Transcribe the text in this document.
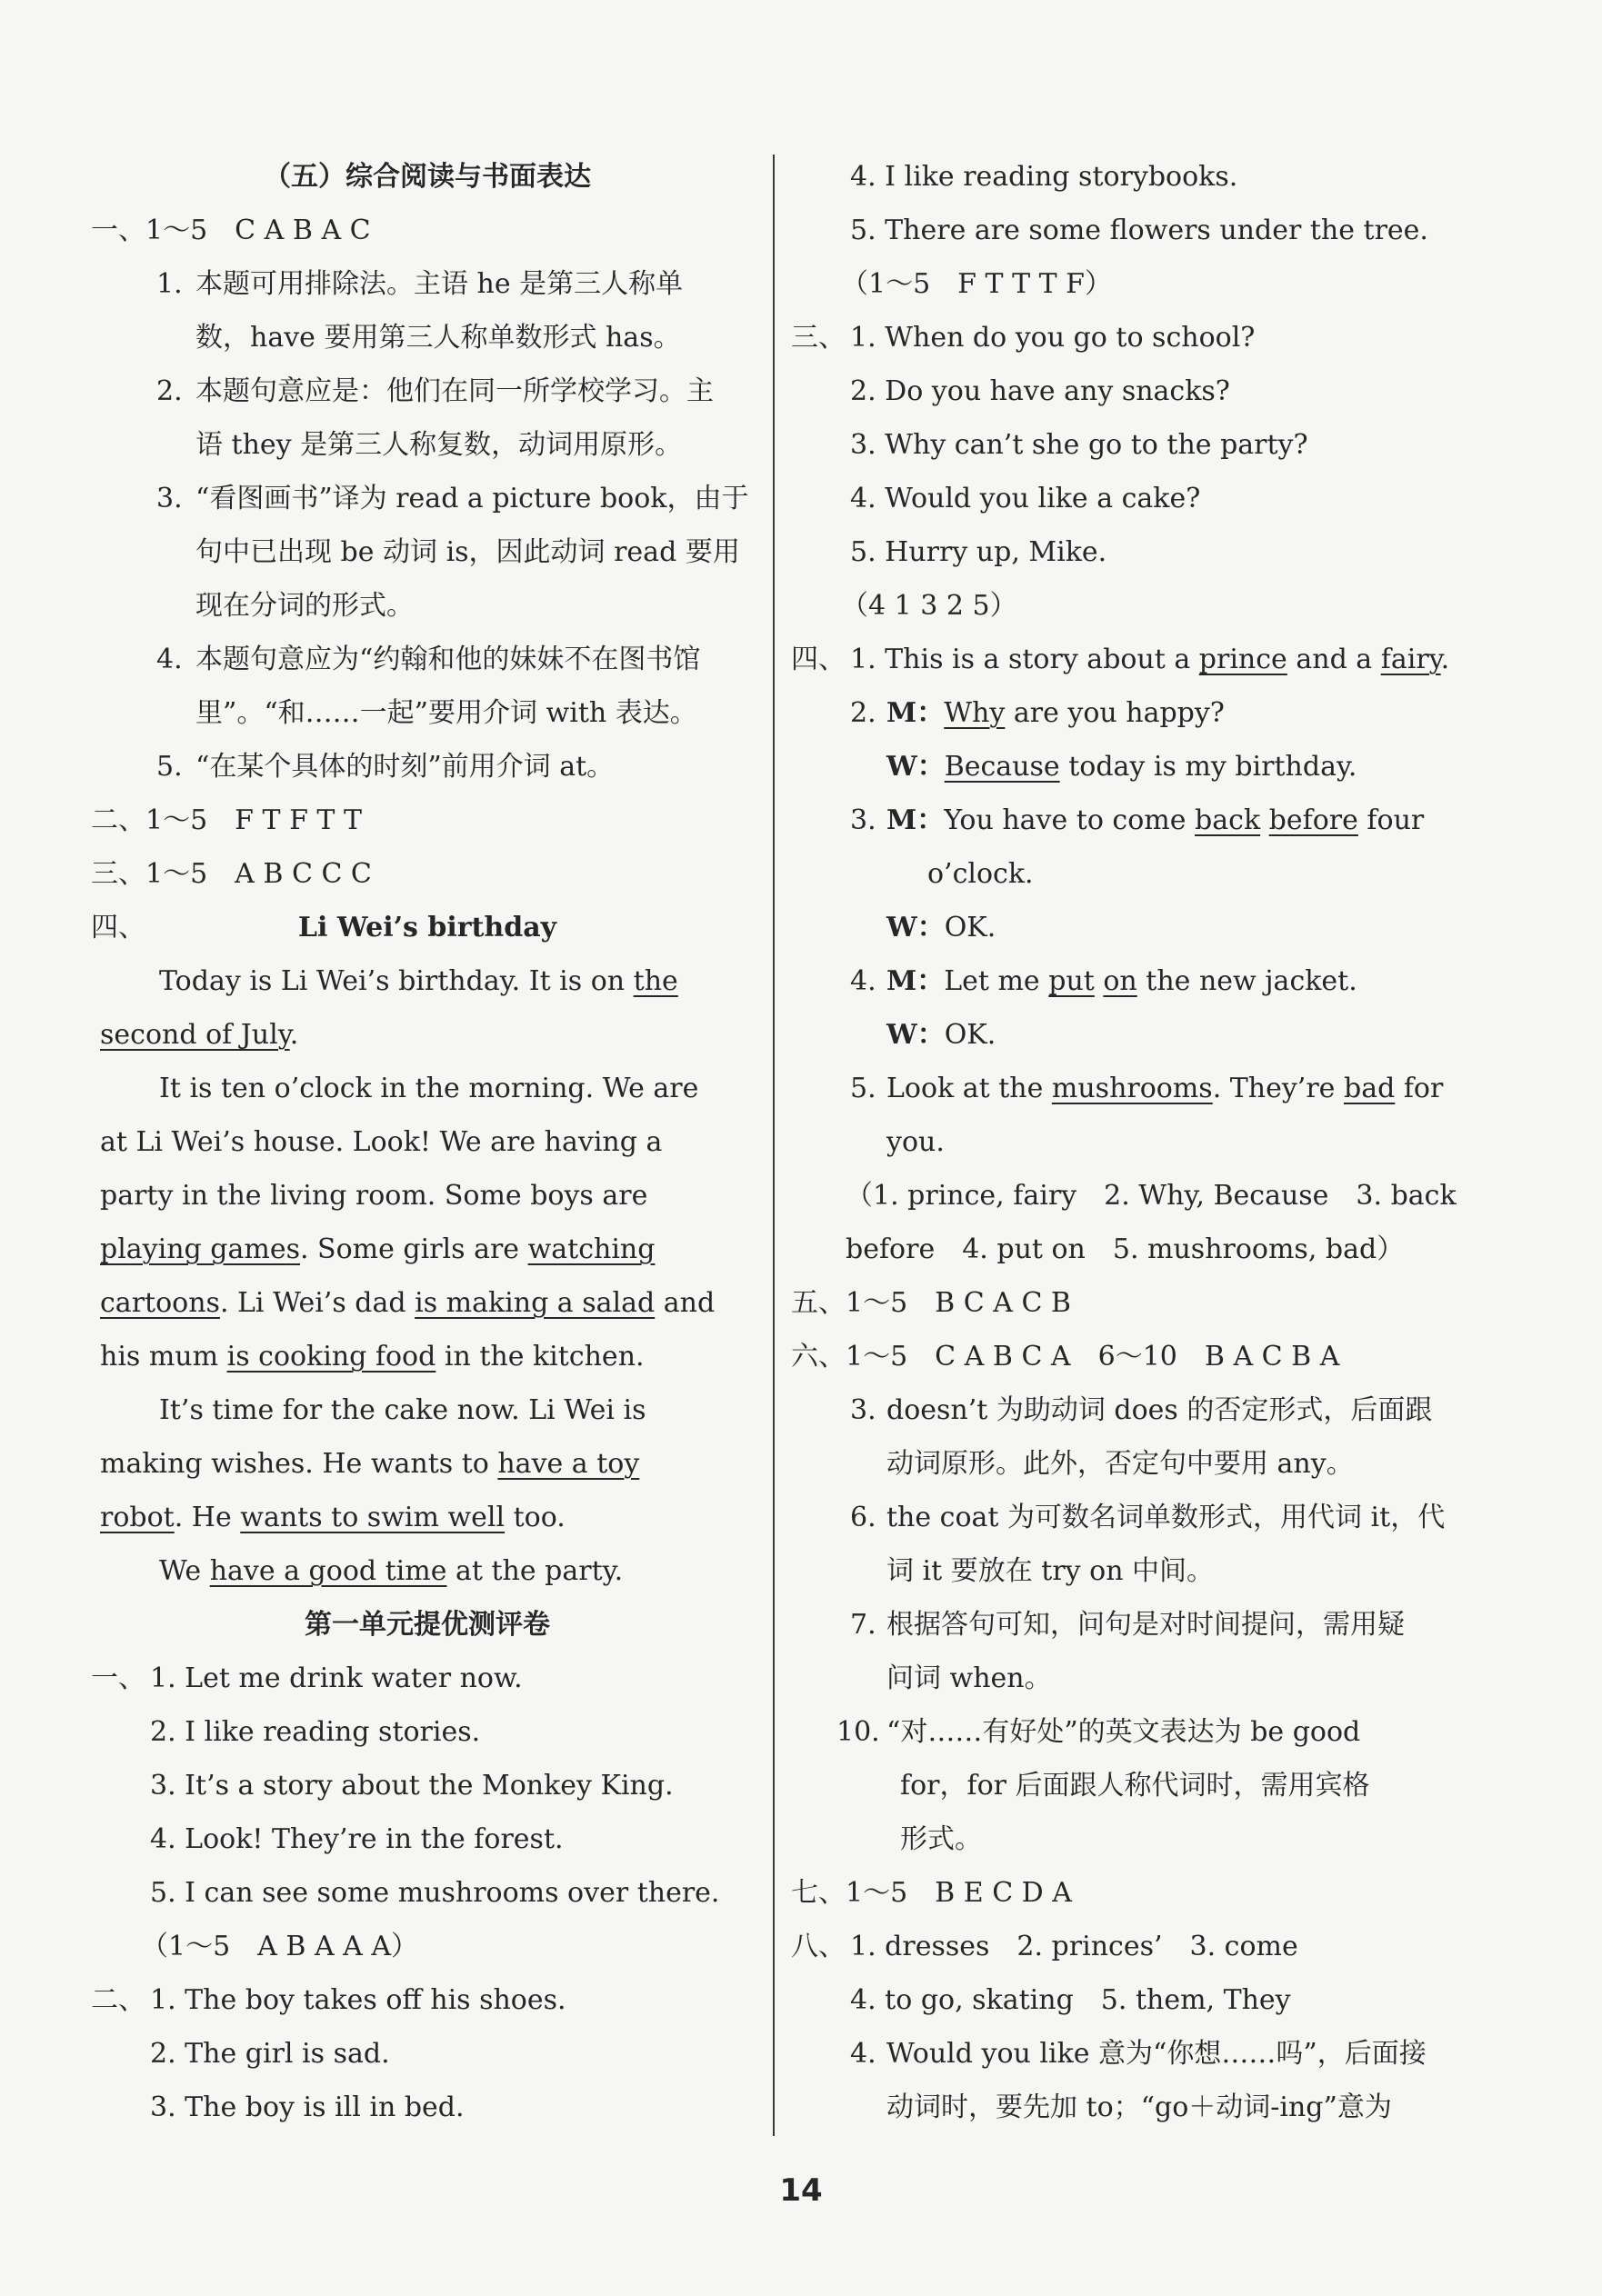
（五）综合阅读与书面表达
一、 1～5　C A B A C
1. 本题可用排除法。主语 he 是第三人称单
数，have 要用第三人称单数形式 has。
2. 本题句意应是：他们在同一所学校学习。主
语 they 是第三人称复数，动词用原形。
3. “看图画书”译为 read a picture book，由于
句中已出现 be 动词 is，因此动词 read 要用
现在分词的形式。
4. 本题句意应为“约翰和他的妹妹不在图书馆
里”。“和……一起”要用介词 with 表达。
5. “在某个具体的时刻”前用介词 at。
二、 1～5　F T F T T
三、 1～5　A B C C C
四、	Li Wei’s birthday
Today is Li Wei’s birthday. It is on the
second of July.
It is ten o’clock in the morning. We are
at Li Wei’s house. Look! We are having a
party in the living room. Some boys are
playing games. Some girls are watching
cartoons. Li Wei’s dad is making a salad and
his mum is cooking food in the kitchen.
It’s time for the cake now. Li Wei is
making wishes. He wants to have a toy
robot. He wants to swim well too.
We have a good time at the party.
第一单元提优测评卷
一、 1. Let me drink water now.
2. I like reading stories.
3. It’s a story about the Monkey King.
4. Look! They’re in the forest.
5. I can see some mushrooms over there.
（1～5　A B A A A）
二、 1. The boy takes off his shoes.
2. The girl is sad.
3. The boy is ill in bed.
4. I like reading storybooks.
5. There are some flowers under the tree.
（1～5　F T T T F）
三、 1. When do you go to school?
2. Do you have any snacks?
3. Why can’t she go to the party?
4. Would you like a cake?
5. Hurry up, Mike.
（4 1 3 2 5）
四、 1. This is a story about a prince and a fairy.
2. M：Why are you happy?
W：Because today is my birthday.
3. M：You have to come back before four
o’clock.
W：OK.
4. M：Let me put on the new jacket.
W：OK.
5. Look at the mushrooms. They’re bad for
you.
（1. prince, fairy　2. Why, Because　3. back
before　4. put on　5. mushrooms, bad）
五、 1～5　B C A C B
六、 1～5　C A B C A　6～10　B A C B A
3. doesn’t 为助动词 does 的否定形式，后面跟
动词原形。此外，否定句中要用 any。
6. the coat 为可数名词单数形式，用代词 it，代
词 it 要放在 try on 中间。
7. 根据答句可知，问句是对时间提问，需用疑
问词 when。
10. “对……有好处”的英文表达为 be good
for，for 后面跟人称代词时，需用宾格
形式。
七、 1～5　B E C D A
八、 1. dresses　2. princes’　3. come
4. to go, skating　5. them, They
4. Would you like 意为“你想……吗”，后面接
动词时，要先加 to；“go＋动词-ing”意为
14
